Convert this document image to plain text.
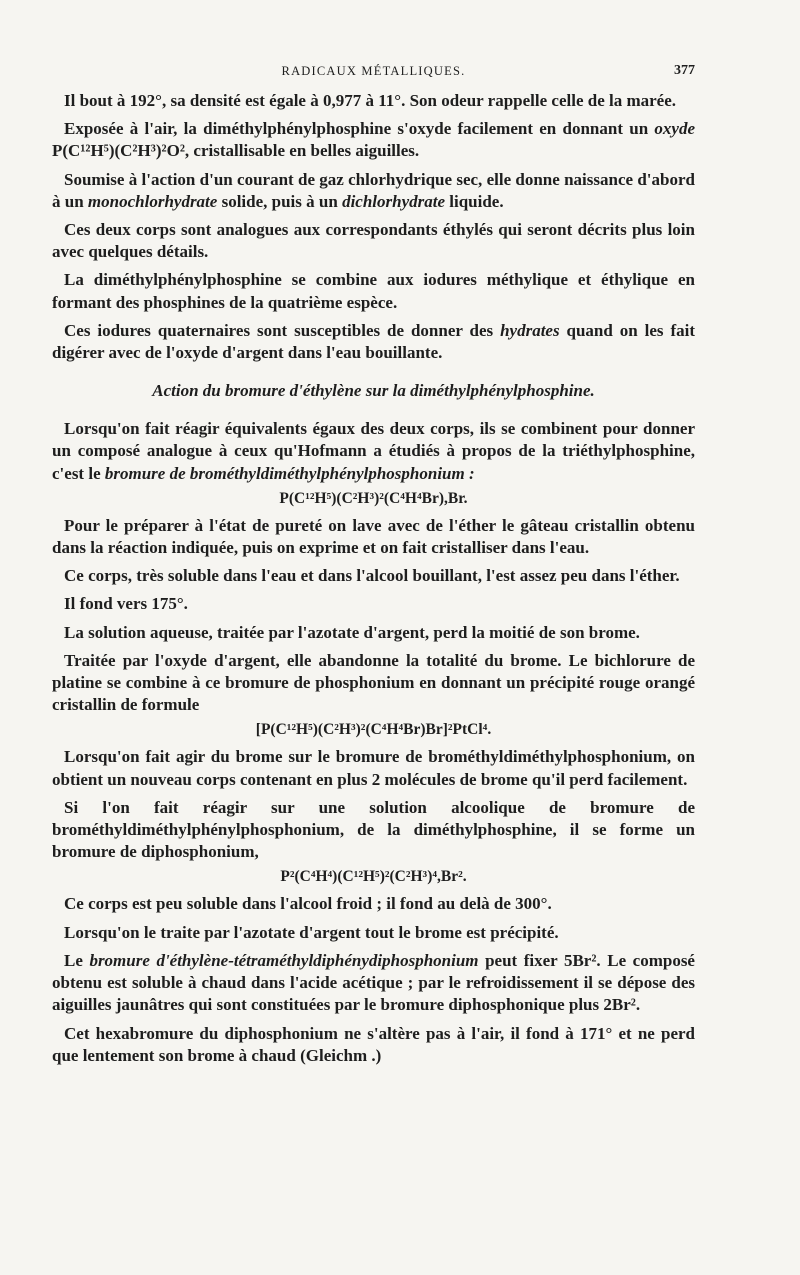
RADICAUX MÉTALLIQUES.	377

Il bout à 192°, sa densité est égale à 0,977 à 11°. Son odeur rappelle celle de la marée.

Exposée à l'air, la diméthylphénylphosphine s'oxyde facilement en donnant un oxyde P(C¹²H⁵)(C²H³)²O², cristallisable en belles aiguilles.

Soumise à l'action d'un courant de gaz chlorhydrique sec, elle donne naissance d'abord à un monochlorhydrate solide, puis à un dichlorhydrate liquide.

Ces deux corps sont analogues aux correspondants éthylés qui seront décrits plus loin avec quelques détails.

La diméthylphénylphosphine se combine aux iodures méthylique et éthylique en formant des phosphines de la quatrième espèce.

Ces iodures quaternaires sont susceptibles de donner des hydrates quand on les fait digérer avec de l'oxyde d'argent dans l'eau bouillante.

Action du bromure d'éthylène sur la diméthylphénylphosphine.

Lorsqu'on fait réagir équivalents égaux des deux corps, ils se combinent pour donner un composé analogue à ceux qu'Hofmann a étudiés à propos de la triéthylphosphine, c'est le bromure de brométhyldiméthylphénylphosphonium :

P(C¹²H⁵)(C²H³)²(C⁴H⁴Br),Br.

Pour le préparer à l'état de pureté on lave avec de l'éther le gâteau cristallin obtenu dans la réaction indiquée, puis on exprime et on fait cristalliser dans l'eau.

Ce corps, très soluble dans l'eau et dans l'alcool bouillant, l'est assez peu dans l'éther.

Il fond vers 175°.

La solution aqueuse, traitée par l'azotate d'argent, perd la moitié de son brome.

Traitée par l'oxyde d'argent, elle abandonne la totalité du brome. Le bichlorure de platine se combine à ce bromure de phosphonium en donnant un précipité rouge orangé cristallin de formule

[P(C¹²H⁵)(C²H³)²(C⁴H⁴Br)Br]²PtCl⁴.

Lorsqu'on fait agir du brome sur le bromure de brométhyldiméthylphosphonium, on obtient un nouveau corps contenant en plus 2 molécules de brome qu'il perd facilement.

Si l'on fait réagir sur une solution alcoolique de bromure de brométhyldiméthylphénylphosphonium, de la diméthylphosphine, il se forme un bromure de diphosphonium,

P²(C⁴H⁴)(C¹²H⁵)²(C²H³)⁴,Br².

Ce corps est peu soluble dans l'alcool froid ; il fond au delà de 300°.

Lorsqu'on le traite par l'azotate d'argent tout le brome est précipité.

Le bromure d'éthylène-tétraméthyldiphénydiphosphonium peut fixer 5Br². Le composé obtenu est soluble à chaud dans l'acide acétique ; par le refroidissement il se dépose des aiguilles jaunâtres qui sont constituées par le bromure diphosphonique plus 2Br².

Cet hexabromure du diphosphonium ne s'altère pas à l'air, il fond à 171° et ne perd que lentement son brome à chaud (Gleichm .)
